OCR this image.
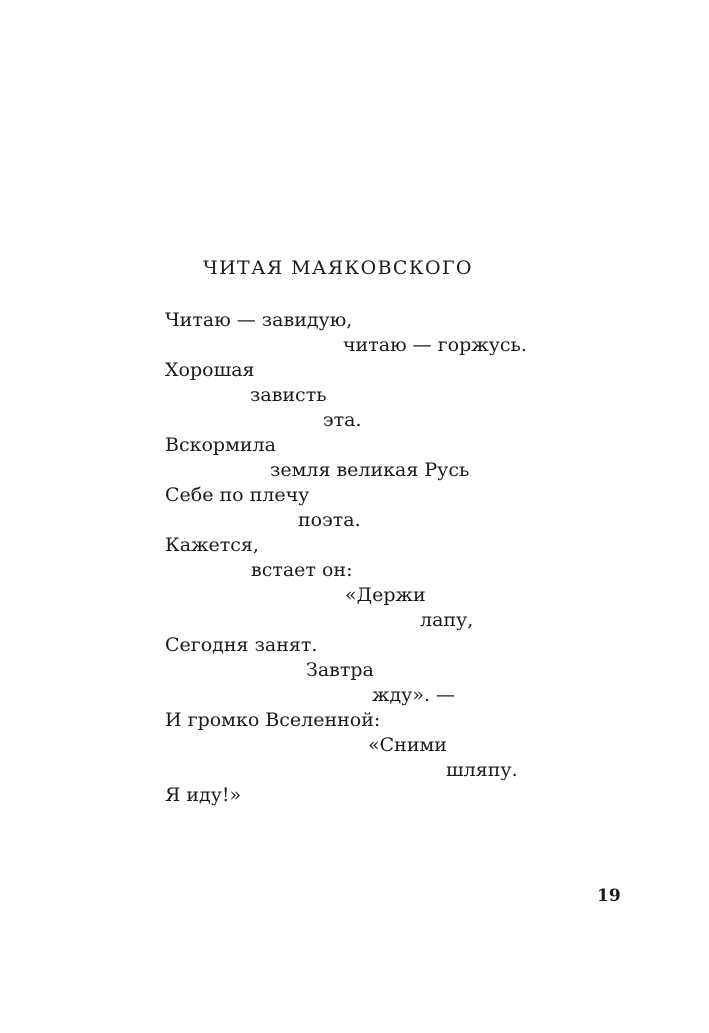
ЧИТАЯ МАЯКОВСКОГО
Читаю — завидую,
читаю — горжусь.
Хорошая
зависть
эта.
Вскормила
земля великая Русь
Себе по плечу
поэта.
Кажется,
встает он:
«Держи
лапу,
Сегодня занят.
Завтра
жду». —
И громко Вселенной:
«Сними
шляпу.
Я иду!»
19
